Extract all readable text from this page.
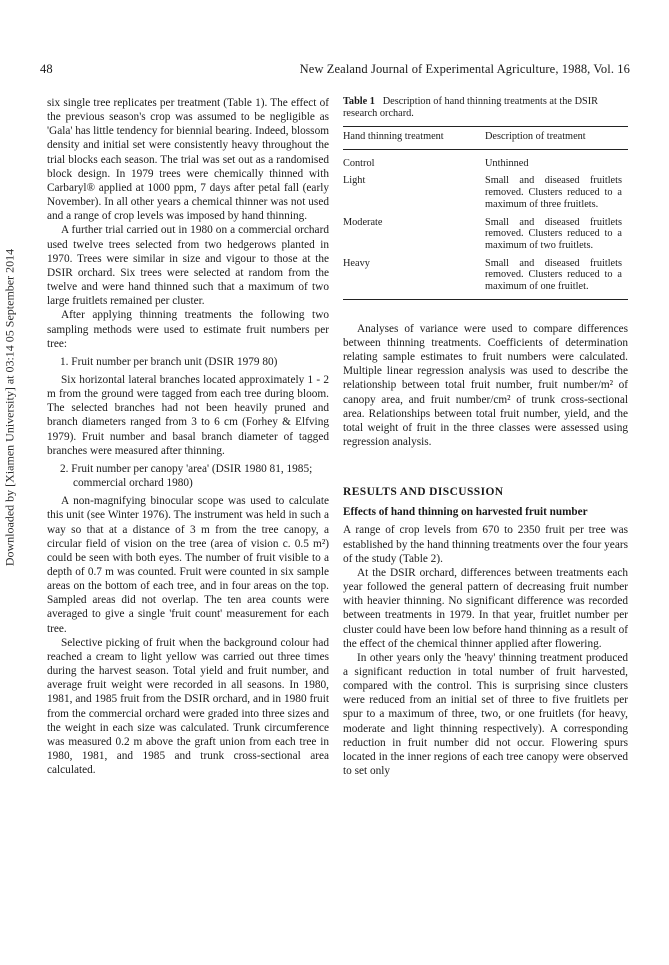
48	New Zealand Journal of Experimental Agriculture, 1988, Vol. 16
Downloaded by [Xiamen University] at 03:14 05 September 2014

six single tree replicates per treatment (Table 1). The effect of the previous season's crop was assumed to be negligible as 'Gala' has little tendency for biennial bearing. Indeed, blossom density and initial set were consistently heavy throughout the trial blocks each season. The trial was set out as a randomised block design. In 1979 trees were chemically thinned with Carbaryl® applied at 1000 ppm, 7 days after petal fall (early November). In all other years a chemical thinner was not used and a range of crop levels was imposed by hand thinning.

A further trial carried out in 1980 on a commercial orchard used twelve trees selected from two hedgerows planted in 1970. Trees were similar in size and vigour to those at the DSIR orchard. Six trees were selected at random from the twelve and were hand thinned such that a maximum of two large fruitlets remained per cluster.

After applying thinning treatments the following two sampling methods were used to estimate fruit numbers per tree:

1. Fruit number per branch unit (DSIR 1979 80)

Six horizontal lateral branches located approximately 1 - 2 m from the ground were tagged from each tree during bloom. The selected branches had not been heavily pruned and branch diameters ranged from 3 to 6 cm (Forhey & Elfving 1979). Fruit number and basal branch diameter of tagged branches were measured after thinning.

2. Fruit number per canopy 'area' (DSIR 1980 81, 1985; commercial orchard 1980)

A non-magnifying binocular scope was used to calculate this unit (see Winter 1976). The instrument was held in such a way so that at a distance of 3 m from the tree canopy, a circular field of vision on the tree (area of vision c. 0.5 m²) could be seen with both eyes. The number of fruit visible to a depth of 0.7 m was counted. Fruit were counted in six sample areas on the bottom of each tree, and in four areas on the top. Sampled areas did not overlap. The ten area counts were averaged to give a single 'fruit count' measurement for each tree.

Selective picking of fruit when the background colour had reached a cream to light yellow was carried out three times during the harvest season. Total yield and fruit number, and average fruit weight were recorded in all seasons. In 1980, 1981, and 1985 fruit from the DSIR orchard, and in 1980 fruit from the commercial orchard were graded into three sizes and the weight in each size was calculated. Trunk circumference was measured 0.2 m above the graft union from each tree in 1980, 1981, and 1985 and trunk cross-sectional area calculated.

Table 1 Description of hand thinning treatments at the DSIR research orchard.

Hand thinning treatment	Description of treatment
Control	Unthinned
Light	Small and diseased fruitlets removed. Clusters reduced to a maximum of three fruitlets.
Moderate	Small and diseased fruitlets removed. Clusters reduced to a maximum of two fruitlets.
Heavy	Small and diseased fruitlets removed. Clusters reduced to a maximum of one fruitlet.

Analyses of variance were used to compare differences between thinning treatments. Coefficients of determination relating sample estimates to fruit numbers were calculated. Multiple linear regression analysis was used to describe the relationship between total fruit number, fruit number/m² of canopy area, and fruit number/cm² of trunk cross-sectional area. Relationships between total fruit number, yield, and the total weight of fruit in the three classes were assessed using regression analysis.

RESULTS AND DISCUSSION

Effects of hand thinning on harvested fruit number

A range of crop levels from 670 to 2350 fruit per tree was established by the hand thinning treatments over the four years of the study (Table 2).

At the DSIR orchard, differences between treatments each year followed the general pattern of decreasing fruit number with heavier thinning. No significant difference was recorded between treatments in 1979. In that year, fruitlet number per cluster could have been low before hand thinning as a result of the effect of the chemical thinner applied after flowering.

In other years only the 'heavy' thinning treatment produced a significant reduction in total number of fruit harvested, compared with the control. This is surprising since clusters were reduced from an initial set of three to five fruitlets per spur to a maximum of three, two, or one fruitlets (for heavy, moderate and light thinning respectively). A corresponding reduction in fruit number did not occur. Flowering spurs located in the inner regions of each tree canopy were observed to set only
